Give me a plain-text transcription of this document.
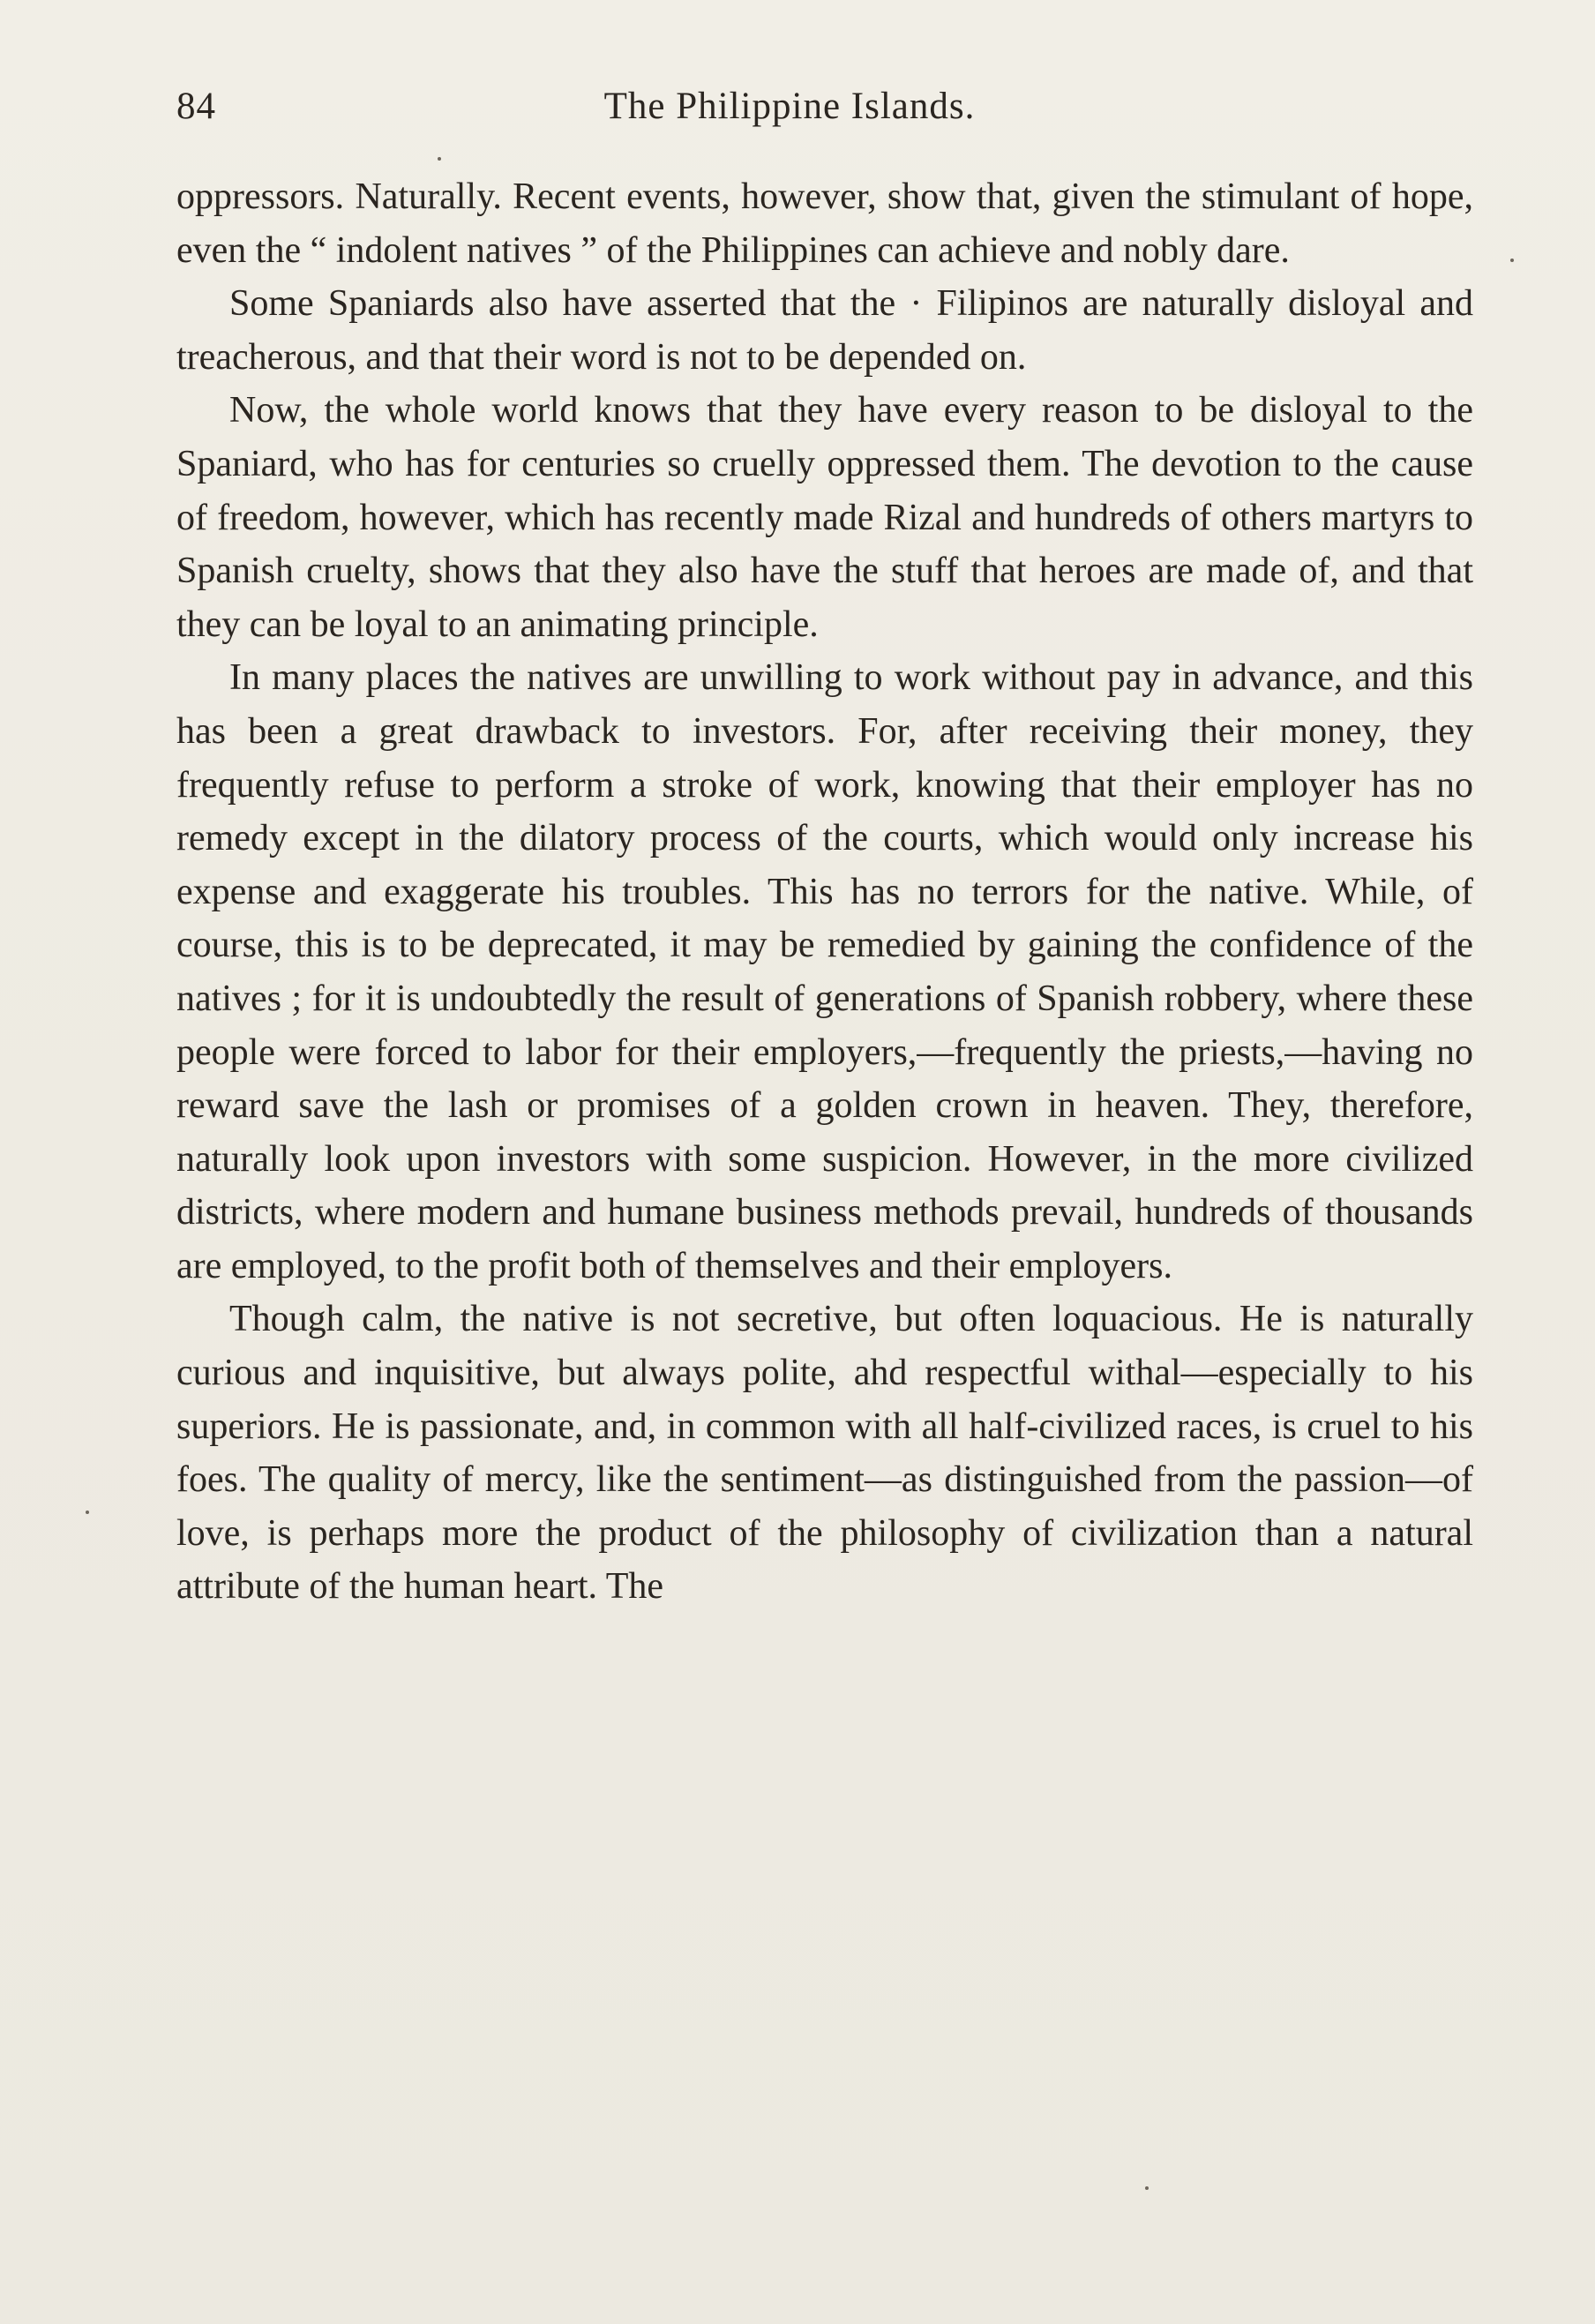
84	The Philippine Islands.

oppressors. Naturally. Recent events, however, show that, given the stimulant of hope, even the “ indolent natives ” of the Philippines can achieve and nobly dare.

Some Spaniards also have asserted that the · Filipinos are naturally disloyal and treacherous, and that their word is not to be depended on.

Now, the whole world knows that they have every reason to be disloyal to the Spaniard, who has for centuries so cruelly oppressed them. The devotion to the cause of freedom, however, which has recently made Rizal and hundreds of others martyrs to Spanish cruelty, shows that they also have the stuff that heroes are made of, and that they can be loyal to an animating principle.

In many places the natives are unwilling to work without pay in advance, and this has been a great drawback to investors. For, after receiving their money, they frequently refuse to perform a stroke of work, knowing that their employer has no remedy except in the dilatory process of the courts, which would only increase his expense and exaggerate his troubles. This has no terrors for the native. While, of course, this is to be deprecated, it may be remedied by gaining the confidence of the natives ; for it is undoubtedly the result of generations of Spanish robbery, where these people were forced to labor for their employers,—frequently the priests,—having no reward save the lash or promises of a golden crown in heaven. They, therefore, naturally look upon investors with some suspicion. However, in the more civilized districts, where modern and humane business methods prevail, hundreds of thousands are employed, to the profit both of themselves and their employers.

Though calm, the native is not secretive, but often loquacious. He is naturally curious and inquisitive, but always polite, ahd respectful withal—especially to his superiors. He is passionate, and, in common with all half-civilized races, is cruel to his foes. The quality of mercy, like the sentiment—as distinguished from the passion—of love, is perhaps more the product of the philosophy of civilization than a natural attribute of the human heart. The
